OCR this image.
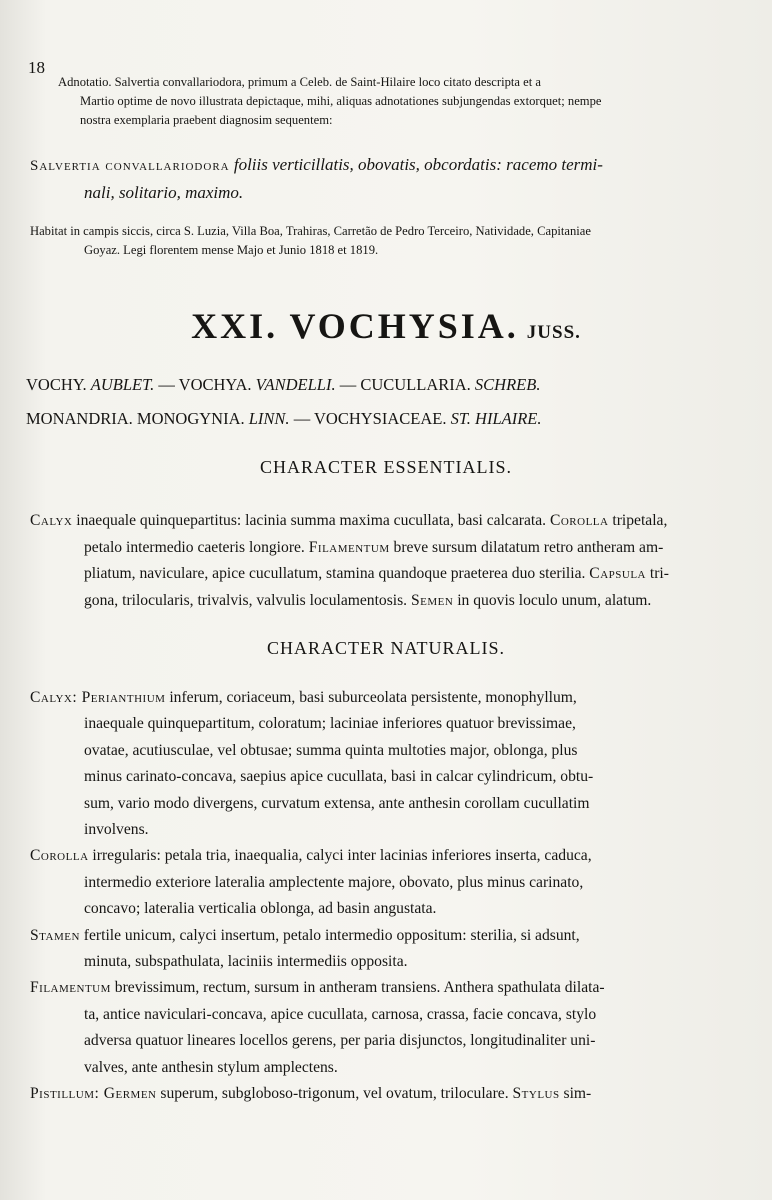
18
Adnotatio. Salvertia convallariodora, primum a Celeb. de Saint-Hilaire loco citato descripta et a
Martio optime de novo illustrata depictaque, mihi, aliquas adnotationes subjungendas extorquet; nempe
nostra exemplaria praebent diagnosim sequentem:
Salvertia convallariodora foliis verticillatis, obovatis, obcordatis: racemo termi-
nali, solitario, maximo.
Habitat in campis siccis, circa S. Luzia, Villa Boa, Trahiras, Carretão de Pedro Terceiro, Natividade, Capitaniae
Goyaz. Legi florentem mense Majo et Junio 1818 et 1819.
XXI. VOCHYSIA. JUSS.
VOCHY. AUBLET. — VOCHYA. VANDELLI. — CUCULLARIA. SCHREB.
MONANDRIA. MONOGYNIA. LINN. — VOCHYSIACEAE. ST. HILAIRE.
CHARACTER ESSENTIALIS.
CHARACTER NATURALIS.
Calyx inaequale quinquepartitus: lacinia summa maxima cucullata, basi calcarata. Corolla tripetala,
petalo intermedio caeteris longiore. Filamentum breve sursum dilatatum retro antheram am-
pliatum, naviculare, apice cucullatum, stamina quandoque praeterea duo sterilia. Capsula tri-
gona, trilocularis, trivalvis, valvulis loculamentosis. Semen in quovis loculo unum, alatum.
Calyx: Perianthium inferum, coriaceum, basi suburceolata persistente, monophyllum,
inaequale quinquepartitum, coloratum; laciniae inferiores quatuor brevissimae,
ovatae, acutiusculae, vel obtusae; summa quinta multoties major, oblonga, plus
minus carinato-concava, saepius apice cucullata, basi in calcar cylindricum, obtu-
sum, vario modo divergens, curvatum extensa, ante anthesin corollam cucullatim
involvens.
Corolla irregularis: petala tria, inaequalia, calyci inter lacinias inferiores inserta, caduca,
intermedio exteriore lateralia amplectente majore, obovato, plus minus carinato,
concavo; lateralia verticalia oblonga, ad basin angustata.
Stamen fertile unicum, calyci insertum, petalo intermedio oppositum: sterilia, si adsunt,
minuta, subspathulata, laciniis intermediis opposita.
Filamentum brevissimum, rectum, sursum in antheram transiens. Anthera spathulata dilata-
ta, antice naviculari-concava, apice cucullata, carnosa, crassa, facie concava, stylo
adversa quatuor lineares locellos gerens, per paria disjunctos, longitudinaliter uni-
valves, ante anthesin stylum amplectens.
Pistillum: Germen superum, subgloboso-trigonum, vel ovatum, triloculare. Stylus sim-
